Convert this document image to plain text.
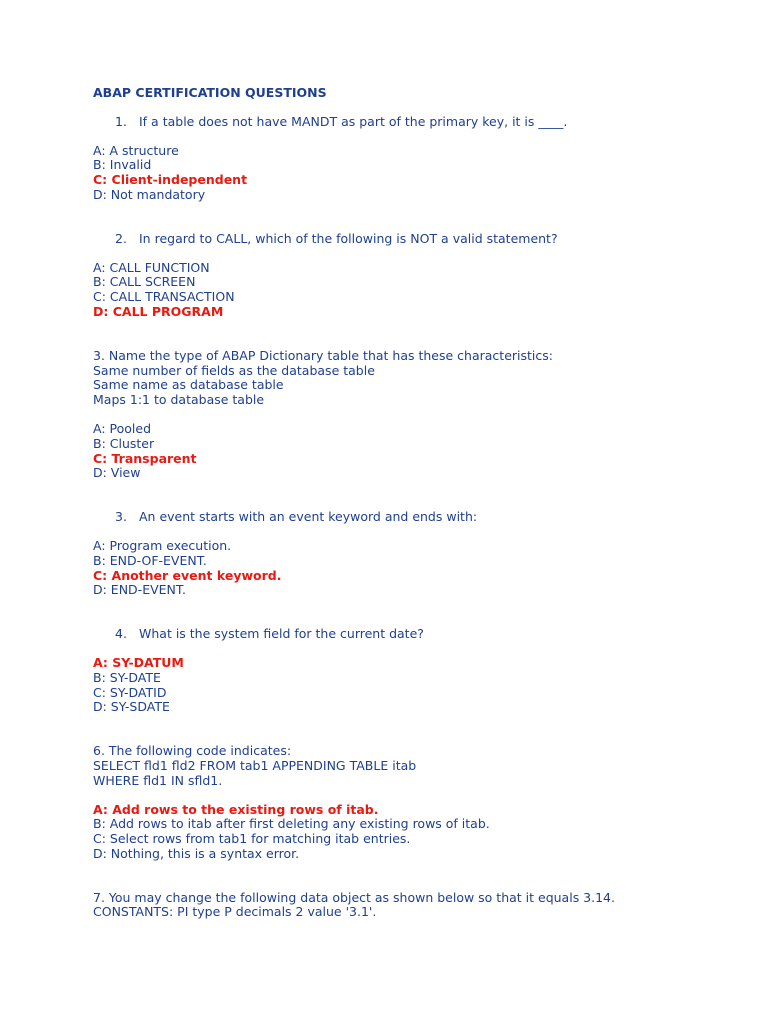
ABAP CERTIFICATION QUESTIONS
1. If a table does not have MANDT as part of the primary key, it is ____.
A: A structure
B: Invalid
C: Client-independent
D: Not mandatory
2. In regard to CALL, which of the following is NOT a valid statement?
A: CALL FUNCTION
B: CALL SCREEN
C: CALL TRANSACTION
D: CALL PROGRAM
3. Name the type of ABAP Dictionary table that has these characteristics:
Same number of fields as the database table
Same name as database table
Maps 1:1 to database table
A: Pooled
B: Cluster
C: Transparent
D: View
3. An event starts with an event keyword and ends with:
A: Program execution.
B: END-OF-EVENT.
C: Another event keyword.
D: END-EVENT.
4. What is the system field for the current date?
A: SY-DATUM
B: SY-DATE
C: SY-DATID
D: SY-SDATE
6. The following code indicates:
SELECT fld1 fld2 FROM tab1 APPENDING TABLE itab
WHERE fld1 IN sfld1.
A: Add rows to the existing rows of itab.
B: Add rows to itab after first deleting any existing rows of itab.
C: Select rows from tab1 for matching itab entries.
D: Nothing, this is a syntax error.
7. You may change the following data object as shown below so that it equals 3.14.
CONSTANTS: PI type P decimals 2 value '3.1'.
